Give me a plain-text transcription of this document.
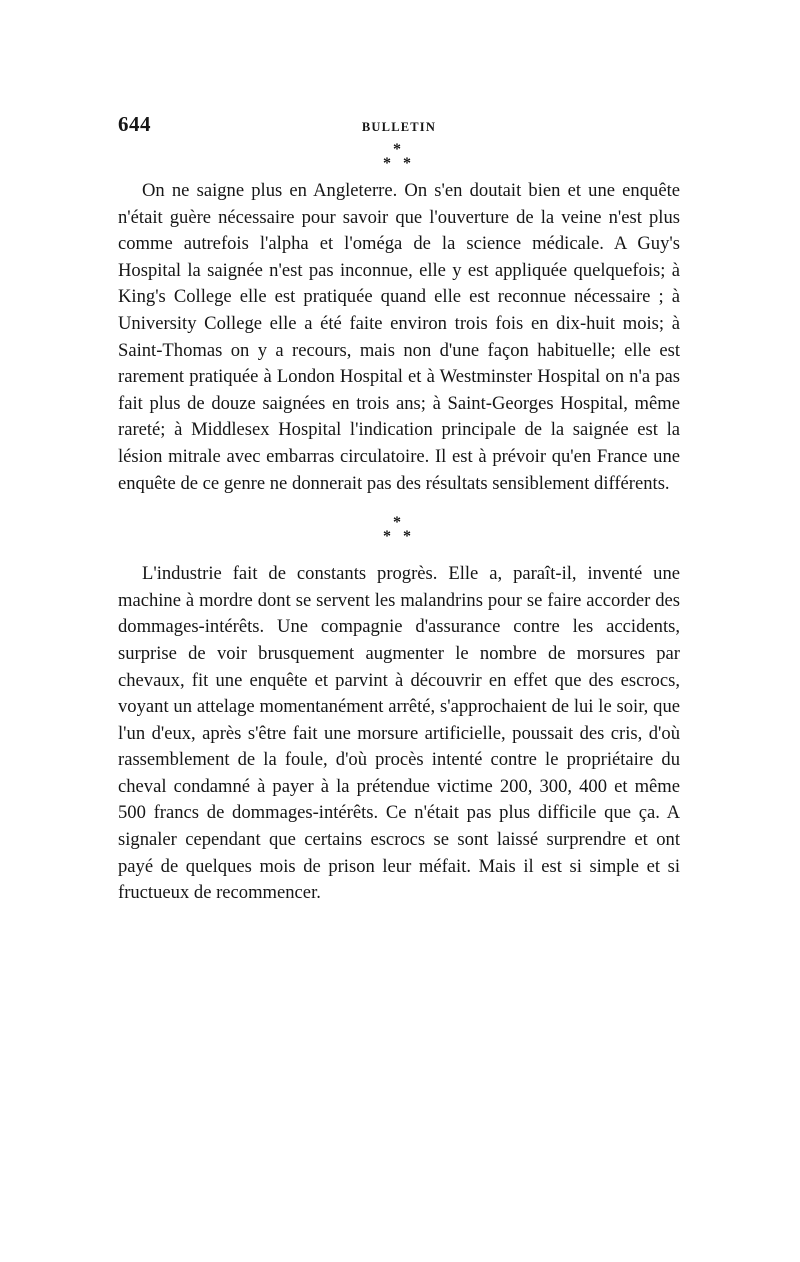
644	BULLETIN
*
*
*

On ne saigne plus en Angleterre. On s'en doutait bien et une enquête n'était guère nécessaire pour savoir que l'ouverture de la veine n'est plus comme autrefois l'alpha et l'oméga de la science médicale. A Guy's Hospital la saignée n'est pas inconnue, elle y est appliquée quelquefois; à King's College elle est pratiquée quand elle est reconnue nécessaire ; à University College elle a été faite environ trois fois en dix-huit mois; à Saint-Thomas on y a recours, mais non d'une façon habituelle; elle est rarement pratiquée à London Hospital et à Westminster Hospital on n'a pas fait plus de douze saignées en trois ans; à Saint-Georges Hospital, même rareté; à Middlesex Hospital l'indication principale de la saignée est la lésion mitrale avec embarras circulatoire. Il est à prévoir qu'en France une enquête de ce genre ne donnerait pas des résultats sensiblement différents.

*
*
*

L'industrie fait de constants progrès. Elle a, paraît-il, inventé une machine à mordre dont se servent les malandrins pour se faire accorder des dommages-intérêts. Une compagnie d'assurance contre les accidents, surprise de voir brusquement augmenter le nombre de morsures par chevaux, fit une enquête et parvint à découvrir en effet que des escrocs, voyant un attelage momentanément arrêté, s'approchaient de lui le soir, que l'un d'eux, après s'être fait une morsure artificielle, poussait des cris, d'où rassemblement de la foule, d'où procès intenté contre le propriétaire du cheval condamné à payer à la prétendue victime 200, 300, 400 et même 500 francs de dommages-intérêts. Ce n'était pas plus difficile que ça. A signaler cependant que certains escrocs se sont laissé surprendre et ont payé de quelques mois de prison leur méfait. Mais il est si simple et si fructueux de recommencer.
